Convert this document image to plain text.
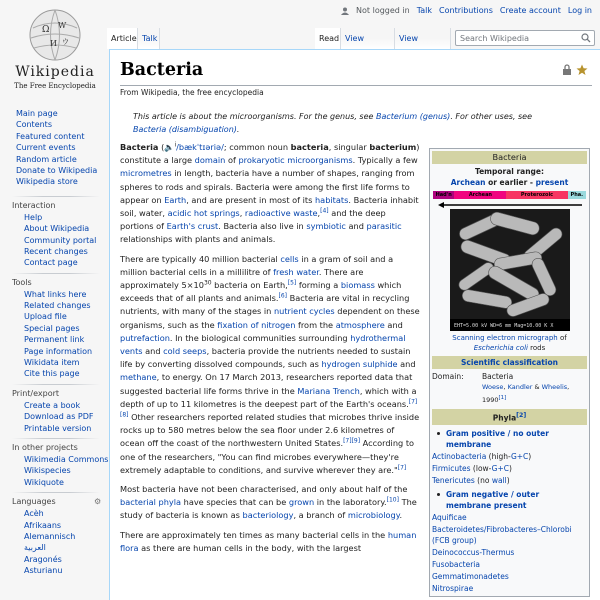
Ω W
И ウ
Wikipedia
The Free Encyclopedia
Not logged in Talk Contributions Create account Log in
Article Talk	Read View	View	Search Wikipedia
Main page
Contents
Featured content
Current events
Random article
Donate to Wikipedia
Wikipedia store
Interaction
Help
About Wikipedia
Community portal
Recent changes
Contact page
Tools
What links here
Related changes
Upload file
Special pages
Permanent link
Page information
Wikidata item
Cite this page
Print/export
Create a book
Download as PDF
Printable version
In other projects
Wikimedia Commons
Wikispecies
Wikiquote
Languages	⚙
Acèh
Afrikaans
Alemannisch
العربية
Aragonés
Asturianu
Bacteria
From Wikipedia, the free encyclopedia
This article is about the microorganisms. For the genus, see Bacterium (genus). For other uses, see Bacteria (disambiguation).

Bacteria (🔈$^i$/bækˈtɪəriə/; common noun bacteria, singular bacterium) constitute a large domain of prokaryotic microorganisms. Typically a few micrometres in length, bacteria have a number of shapes, ranging from spheres to rods and spirals. Bacteria were among the first life forms to appear on Earth, and are present in most of its habitats. Bacteria inhabit soil, water, acidic hot springs, radioactive waste,[4] and the deep portions of Earth's crust. Bacteria also live in symbiotic and parasitic relationships with plants and animals.

There are typically 40 million bacterial cells in a gram of soil and a million bacterial cells in a millilitre of fresh water. There are approximately $5\times 10^{30}$ bacteria on Earth,[5] forming a biomass which exceeds that of all plants and animals.[6] Bacteria are vital in recycling nutrients, with many of the stages in nutrient cycles dependent on these organisms, such as the fixation of nitrogen from the atmosphere and putrefaction. In the biological communities surrounding hydrothermal vents and cold seeps, bacteria provide the nutrients needed to sustain life by converting dissolved compounds, such as hydrogen sulphide and methane, to energy. On 17 March 2013, researchers reported data that suggested bacterial life forms thrive in the Mariana Trench, which with a depth of up to 11 kilometres is the deepest part of the Earth's oceans.[7][8] Other researchers reported related studies that microbes thrive inside rocks up to 580 metres below the sea floor under 2.6 kilometres of ocean off the coast of the northwestern United States.[7][9] According to one of the researchers, "You can find microbes everywhere—they're extremely adaptable to conditions, and survive wherever they are."[7]

Most bacteria have not been characterised, and only about half of the bacterial phyla have species that can be grown in the laboratory.[10] The study of bacteria is known as bacteriology, a branch of microbiology.

There are approximately ten times as many bacterial cells in the human flora as there are human cells in the body, with the largest

Bacteria
Temporal range:
Archean or earlier - present
Had'n	Archean	Proterozoic	Pha.
EHT=5.00 kV WD=6 mm Mag=10.00 K X
Scanning electron micrograph of
Escherichia coli rods
Scientific classification
Domain:	Bacteria
Woese, Kandler & Wheelis,
1990[1]
Phyla[2]
Gram positive / no outer membrane
Actinobacteria (high-G+C)
Firmicutes (low-G+C)
Tenericutes (no wall)
Gram negative / outer membrane present
Aquificae
Bacteroidetes/Fibrobacteres–Chlorobi (FCB group)
Deinococcus-Thermus
Fusobacteria
Gemmatimonadetes
Nitrospirae
